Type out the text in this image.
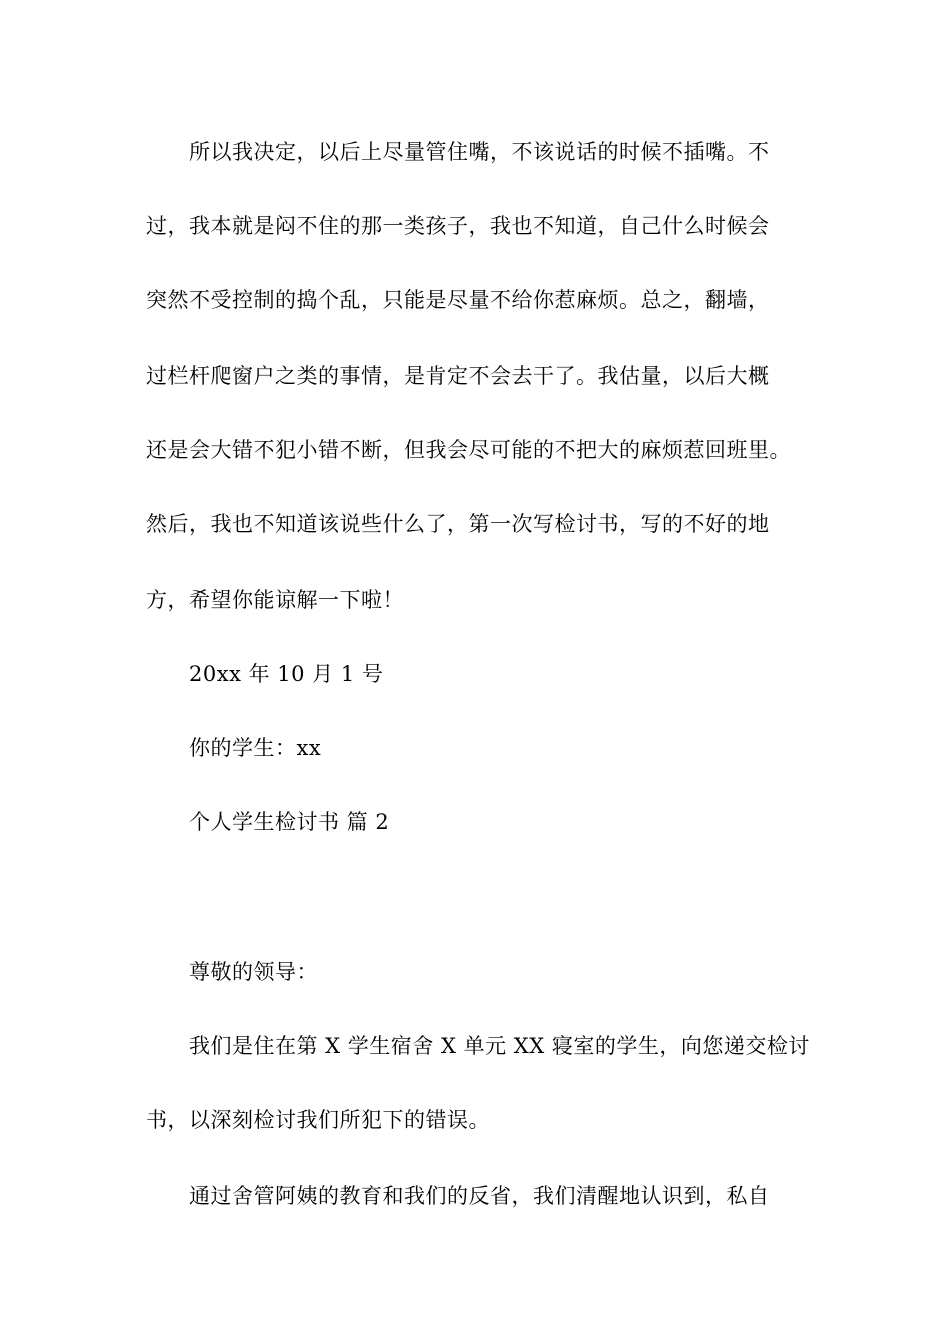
所以我决定，以后上尽量管住嘴，不该说话的时候不插嘴。不
过，我本就是闷不住的那一类孩子，我也不知道，自己什么时候会
突然不受控制的捣个乱，只能是尽量不给你惹麻烦。总之，翻墙，
过栏杆爬窗户之类的事情，是肯定不会去干了。我估量，以后大概
还是会大错不犯小错不断，但我会尽可能的不把大的麻烦惹回班里。
然后，我也不知道该说些什么了，第一次写检讨书，写的不好的地
方，希望你能谅解一下啦！
20xx 年 10 月 1 号
你的学生：xx
个人学生检讨书 篇 2
尊敬的领导：
我们是住在第 X 学生宿舍 X 单元 XX 寝室的学生，向您递交检讨
书，以深刻检讨我们所犯下的错误。
通过舍管阿姨的教育和我们的反省，我们清醒地认识到，私自
